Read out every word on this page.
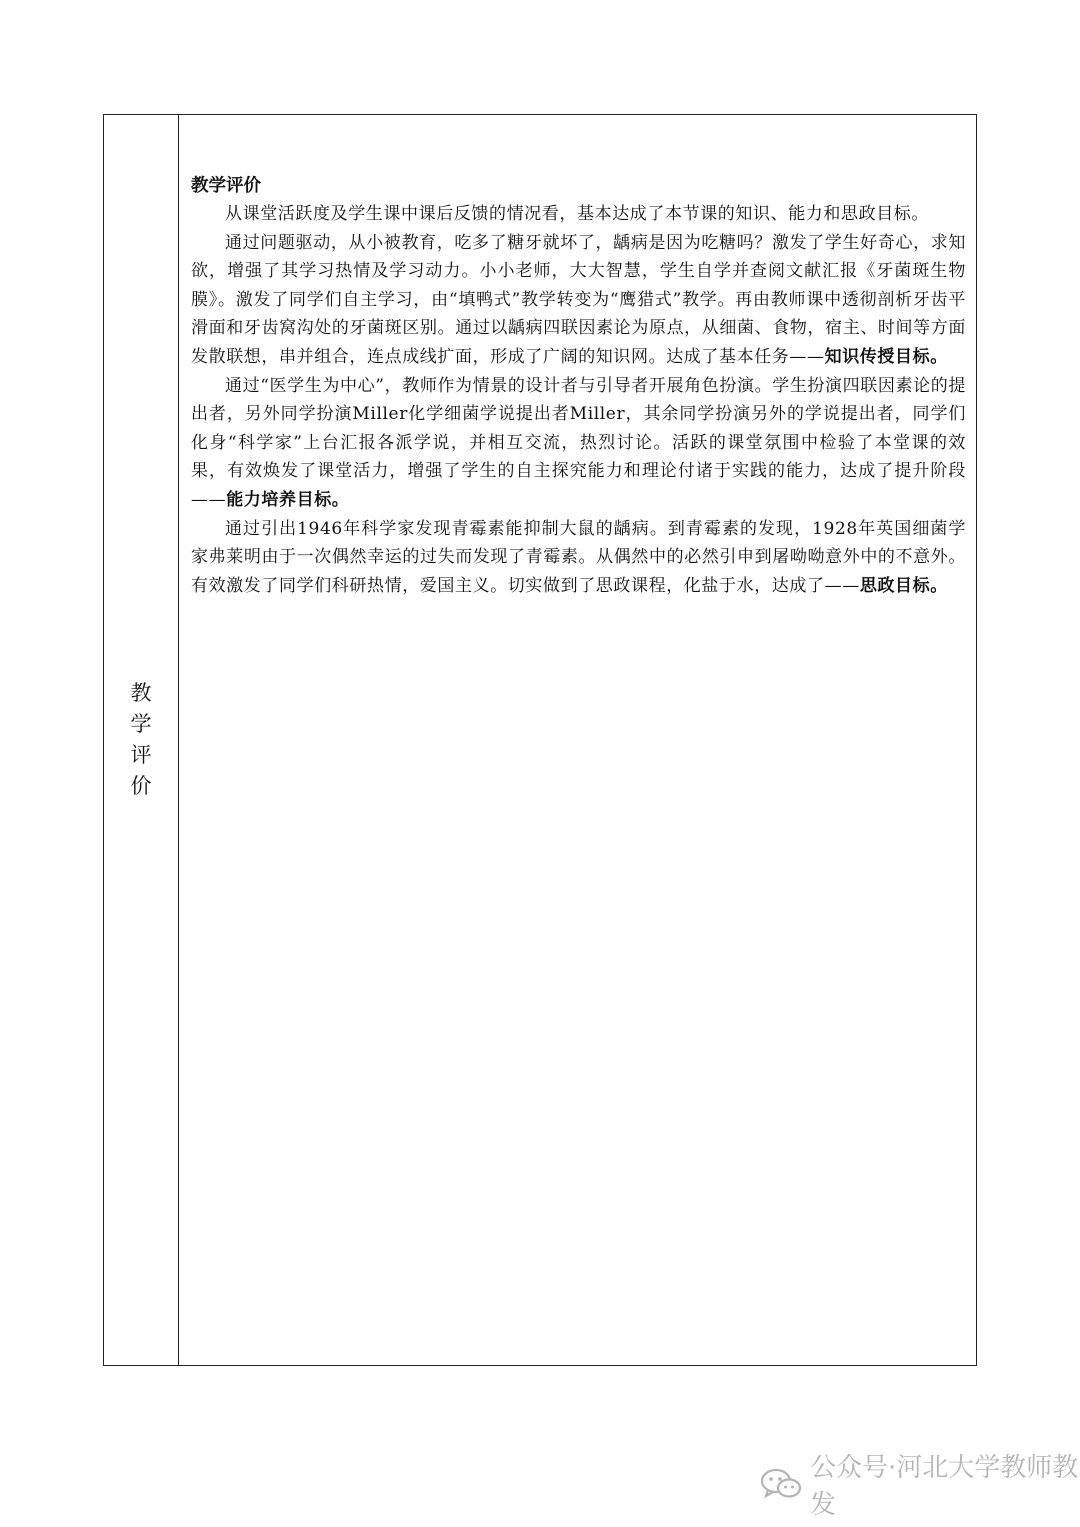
教
学
评
价

教学评价

从课堂活跃度及学生课中课后反馈的情况看，基本达成了本节课的知识、能力和思政目标。

通过问题驱动，从小被教育，吃多了糖牙就坏了，龋病是因为吃糖吗？激发了学生好奇心，求知欲，增强了其学习热情及学习动力。小小老师，大大智慧，学生自学并查阅文献汇报《牙菌斑生物膜》。激发了同学们自主学习，由“填鸭式”教学转变为“鹰猎式”教学。再由教师课中透彻剖析牙齿平滑面和牙齿窝沟处的牙菌斑区别。通过以龋病四联因素论为原点，从细菌、食物，宿主、时间等方面发散联想，串并组合，连点成线扩面，形成了广阔的知识网。达成了基本任务——知识传授目标。

通过“医学生为中心”，教师作为情景的设计者与引导者开展角色扮演。学生扮演四联因素论的提出者，另外同学扮演Miller化学细菌学说提出者Miller，其余同学扮演另外的学说提出者，同学们化身“科学家”上台汇报各派学说，并相互交流，热烈讨论。活跃的课堂氛围中检验了本堂课的效果，有效焕发了课堂活力，增强了学生的自主探究能力和理论付诸于实践的能力，达成了提升阶段——能力培养目标。

通过引出1946年科学家发现青霉素能抑制大鼠的龋病。到青霉素的发现，1928年英国细菌学家弗莱明由于一次偶然幸运的过失而发现了青霉素。从偶然中的必然引申到屠呦呦意外中的不意外。有效激发了同学们科研热情，爱国主义。切实做到了思政课程，化盐于水，达成了——思政目标。

公众号·河北大学教师教发
